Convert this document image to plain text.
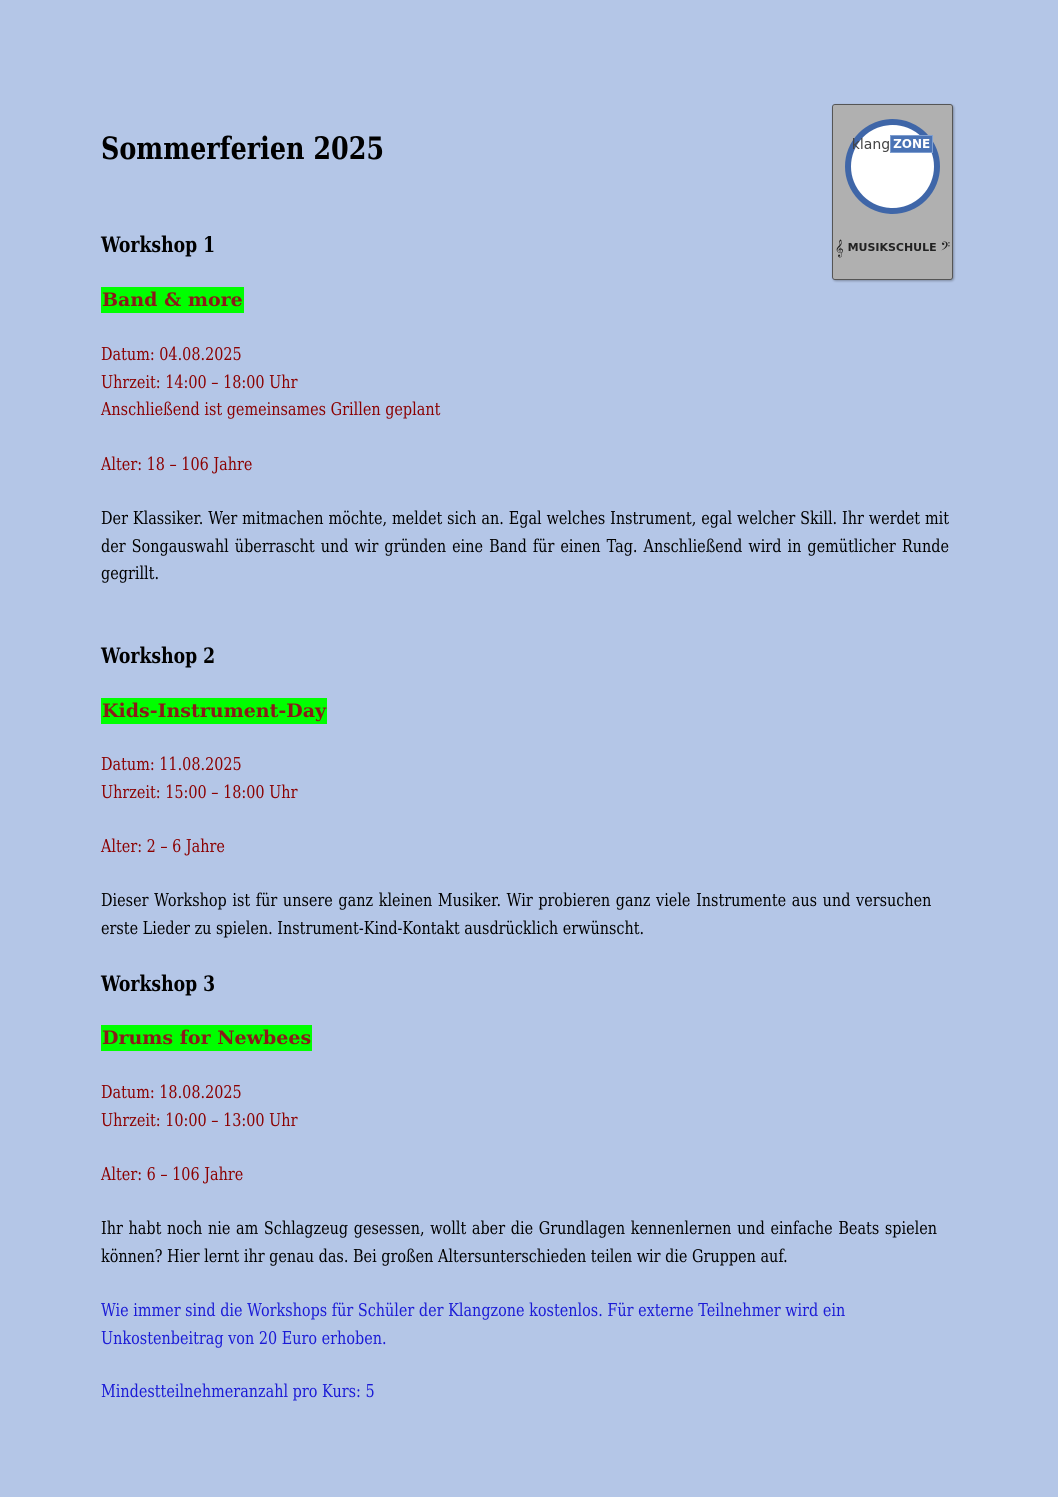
Sommerferien 2025	klang ZONE
𝄞 MUSIKSCHULE 𝄢
Workshop 1
Band & more
Datum: 04.08.2025
Uhrzeit: 14:00 – 18:00 Uhr
Anschließend ist gemeinsames Grillen geplant
Alter: 18 – 106 Jahre
Der Klassiker. Wer mitmachen möchte, meldet sich an. Egal welches Instrument, egal welcher Skill. Ihr werdet mit der Songauswahl überrascht und wir gründen eine Band für einen Tag. Anschließend wird in gemütlicher Runde gegrillt.
Workshop 2
Kids-Instrument-Day
Datum: 11.08.2025
Uhrzeit: 15:00 – 18:00 Uhr
Alter: 2 – 6 Jahre
Dieser Workshop ist für unsere ganz kleinen Musiker. Wir probieren ganz viele Instrumente aus und versuchen erste Lieder zu spielen. Instrument-Kind-Kontakt ausdrücklich erwünscht.
Workshop 3
Drums for Newbees
Datum: 18.08.2025
Uhrzeit: 10:00 – 13:00 Uhr
Alter: 6 – 106 Jahre
Ihr habt noch nie am Schlagzeug gesessen, wollt aber die Grundlagen kennenlernen und einfache Beats spielen können? Hier lernt ihr genau das. Bei großen Altersunterschieden teilen wir die Gruppen auf.
Wie immer sind die Workshops für Schüler der Klangzone kostenlos. Für externe Teilnehmer wird ein Unkostenbeitrag von 20 Euro erhoben.
Mindestteilnehmeranzahl pro Kurs: 5
